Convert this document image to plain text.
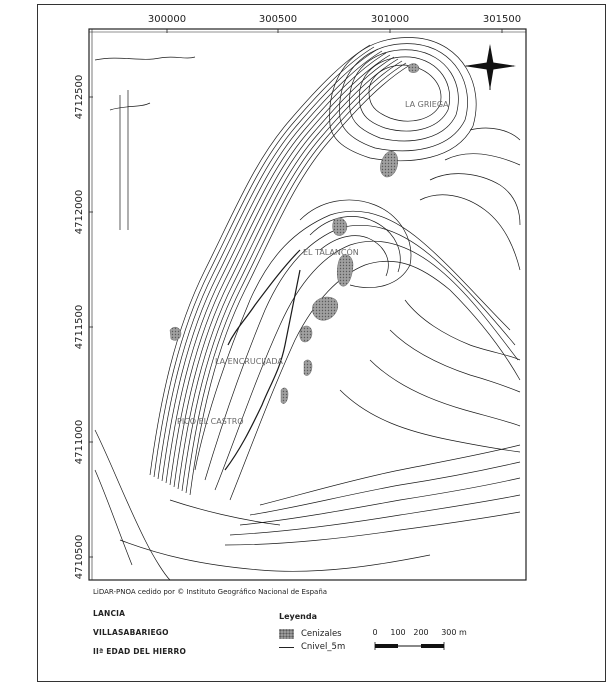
300000	300500	301000	301500
4712500
4712000
4711500
4711000
4710500
LA GRIEGA
EL TALANCÓN
LA ENCRUCIJADA
PICO EL CASTRO
LiDAR-PNOA cedido por © Instituto Geográfico Nacional de España
LANCIA
VILLASABARIEGO
IIª EDAD DEL HIERRO
Leyenda
Cenizales
Cnivel_5m
0 100 200 300 m
